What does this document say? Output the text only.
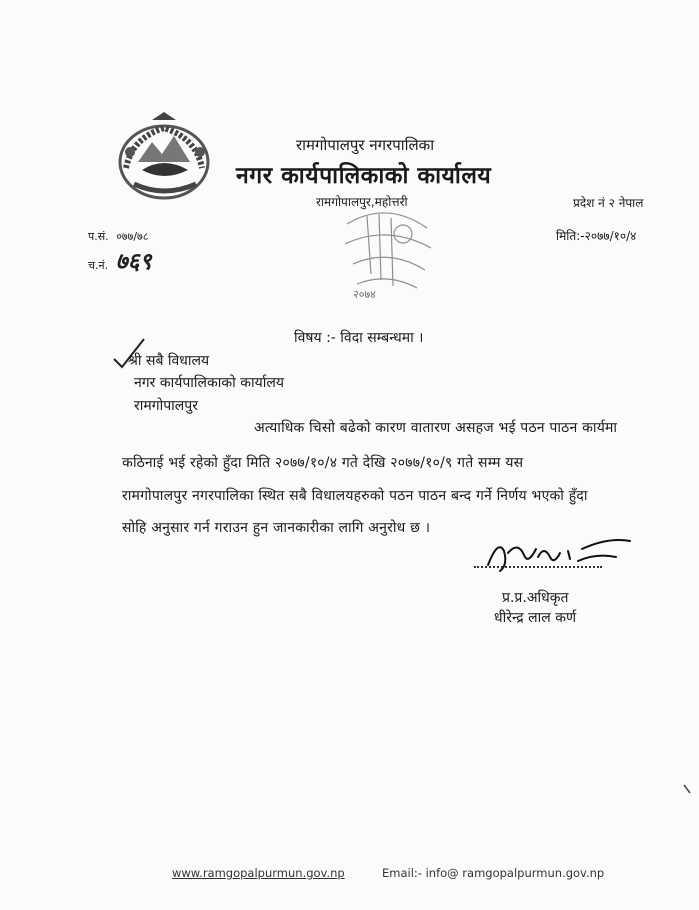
रामगोपालपुर नगरपालिका
नगर कार्यपालिकाको कार्यालय
रामगोपालपुर,महोत्तरी	प्रदेश नं २ नेपाल
प.सं. ०७७/७८
च.नं. ७६९
मिति:-२०७७/१०/४
२०७४
विषय :- विदा सम्बन्धमा ।
श्री सबै विधालय
नगर कार्यपालिकाको कार्यालय
रामगोपालपुर
अत्याधिक चिसो बढेको कारण वातारण असहज भई पठन पाठन कार्यमा
कठिनाई भई रहेको हुँदा मिति २०७७/१०/४ गते देखि २०७७/१०/९ गते सम्म यस
रामगोपालपुर नगरपालिका स्थित सबै विधालयहरुको पठन पाठन बन्द गर्ने निर्णय भएको हुँदा
सोहि अनुसार गर्न गराउन हुन जानकारीका लागि अनुरोध छ ।
प्र.प्र.अधिकृत
धीरेन्द्र लाल कर्ण
www.ramgopalpurmun.gov.np	Email:- info@ ramgopalpurmun.gov.np
